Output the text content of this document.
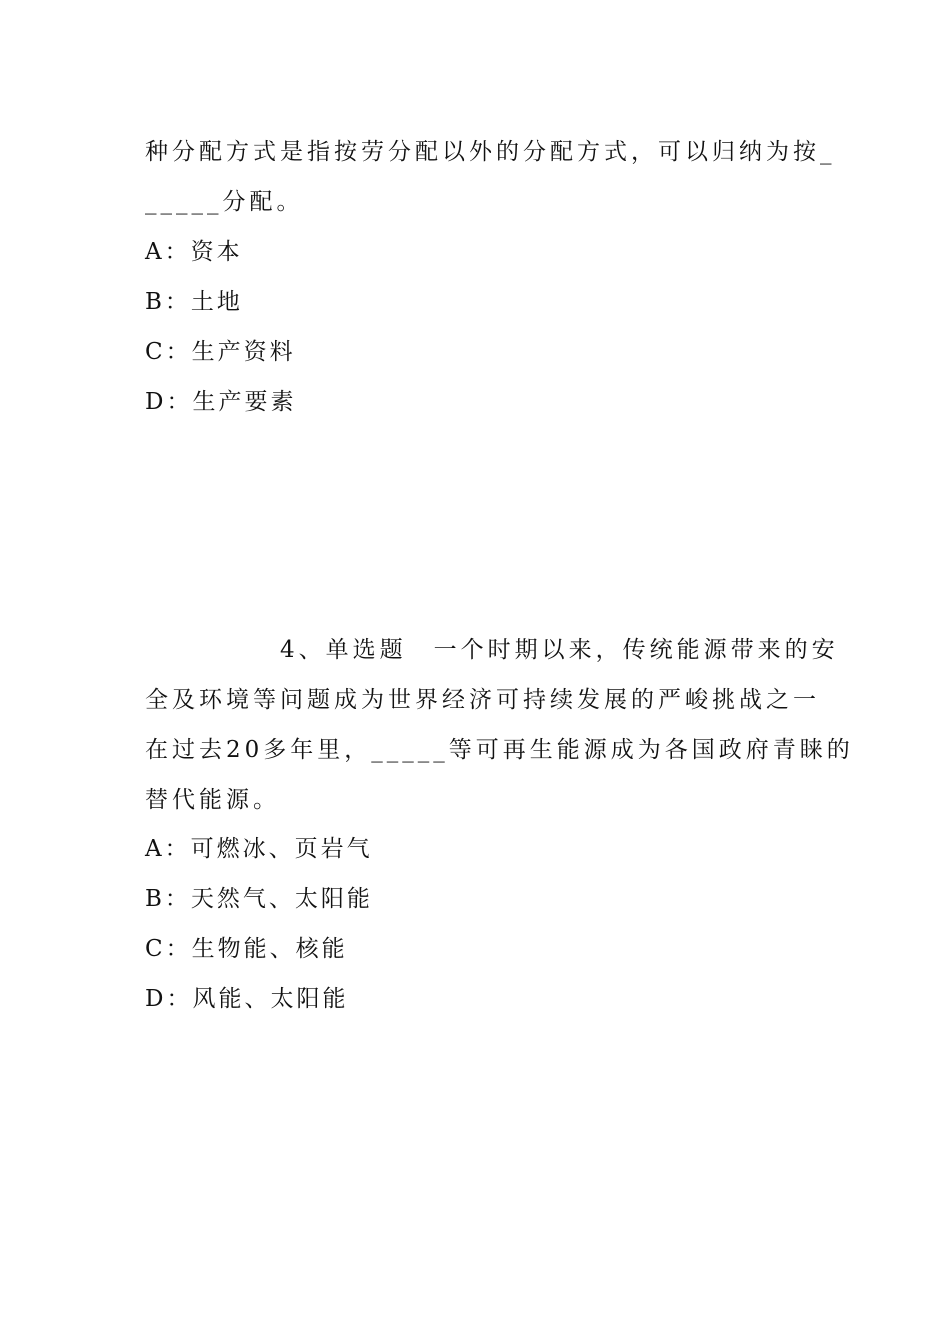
种分配方式是指按劳分配以外的分配方式，可以归纳为按_
_____分配。
A：资本
B：土地
C：生产资料
D：生产要素
4、单选题　一个时期以来，传统能源带来的安
全及环境等问题成为世界经济可持续发展的严峻挑战之一
在过去20多年里，_____等可再生能源成为各国政府青睐的
替代能源。
A：可燃冰、页岩气
B：天然气、太阳能
C：生物能、核能
D：风能、太阳能
